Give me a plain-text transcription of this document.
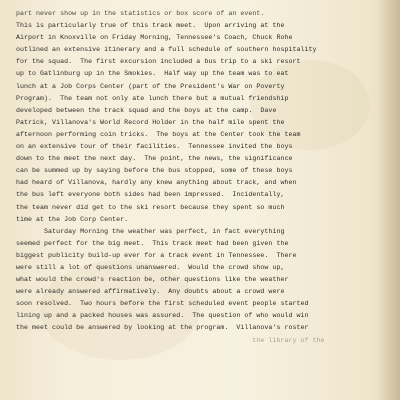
part never show up in the statistics or box score of an event.
This is particularly true of this track meet.  Upon arriving at the
Airport in Knoxville on Friday Morning, Tennessee's Coach, Chuck Rohe
outlined an extensive itinerary and a full schedule of southern hospitality
for the squad.  The first excursion included a bus trip to a ski resort
up to Gatlinburg up in the Smokies.  Half way up the team was to eat
lunch at a Job Corps Center (part of the President's War on Poverty
Program).  The team not only ate lunch there but a mutual friendship
developed between the track squad and the boys at the camp.  Dave
Patrick, Villanova's World Record Holder in the half mile spent the
afternoon performing coin tricks.  The boys at the Center took the team
on an extensive tour of their facilities.  Tennessee invited the boys
down to the meet the next day.  The point, the news, the significance
can be summed up by saying before the bus stopped, some of these boys
had heard of Villanova, hardly any knew anything about track, and when
the bus left everyone both sides had been impressed.  Incidentally,
the team never did get to the ski resort because they spent so much
time at the Job Corp Center.
Saturday Morning the weather was perfect, in fact everything
seemed perfect for the big meet.  This track meet had been given the
biggest publicity build-up ever for a track event in Tennessee.  There
were still a lot of questions unanswered.  Would the crowd show up,
what would the crowd's reaction be, other questions like the weather
were already answered affirmatively.  Any doubts about a crowd were
soon resolved.  Two hours before the first scheduled event people started
lining up and a packed houses was assured.  The question of who would win
the meet could be answered by looking at the program.  Villanova's roster
the library of the
